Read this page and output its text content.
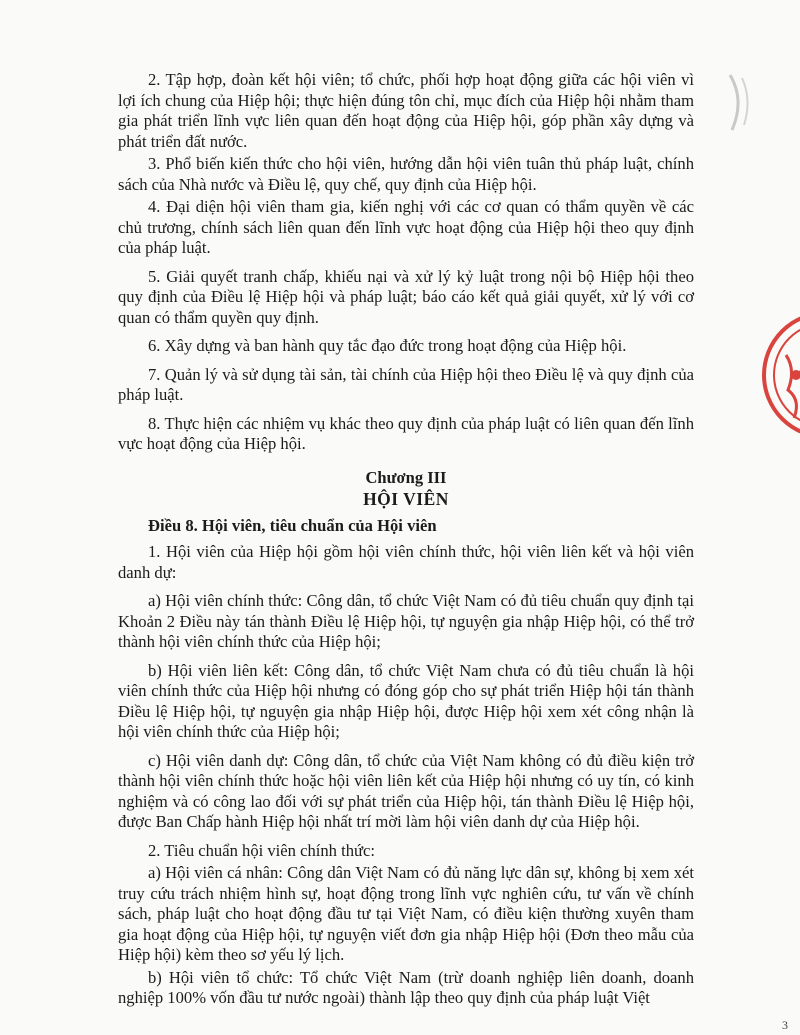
2. Tập hợp, đoàn kết hội viên; tổ chức, phối hợp hoạt động giữa các hội viên vì lợi ích chung của Hiệp hội; thực hiện đúng tôn chỉ, mục đích của Hiệp hội nhằm tham gia phát triển lĩnh vực liên quan đến hoạt động của Hiệp hội, góp phần xây dựng và phát triển đất nước.

3. Phổ biến kiến thức cho hội viên, hướng dẫn hội viên tuân thủ pháp luật, chính sách của Nhà nước và Điều lệ, quy chế, quy định của Hiệp hội.

4. Đại diện hội viên tham gia, kiến nghị với các cơ quan có thẩm quyền về các chủ trương, chính sách liên quan đến lĩnh vực hoạt động của Hiệp hội theo quy định của pháp luật.

5. Giải quyết tranh chấp, khiếu nại và xử lý kỷ luật trong nội bộ Hiệp hội theo quy định của Điều lệ Hiệp hội và pháp luật; báo cáo kết quả giải quyết, xử lý với cơ quan có thẩm quyền quy định.

6. Xây dựng và ban hành quy tắc đạo đức trong hoạt động của Hiệp hội.

7. Quản lý và sử dụng tài sản, tài chính của Hiệp hội theo Điều lệ và quy định của pháp luật.

8. Thực hiện các nhiệm vụ khác theo quy định của pháp luật có liên quan đến lĩnh vực hoạt động của Hiệp hội.

Chương III
HỘI VIÊN
Điều 8. Hội viên, tiêu chuẩn của Hội viên

1. Hội viên của Hiệp hội gồm hội viên chính thức, hội viên liên kết và hội viên danh dự:

a) Hội viên chính thức: Công dân, tổ chức Việt Nam có đủ tiêu chuẩn quy định tại Khoản 2 Điều này tán thành Điều lệ Hiệp hội, tự nguyện gia nhập Hiệp hội, có thể trở thành hội viên chính thức của Hiệp hội;

b) Hội viên liên kết: Công dân, tổ chức Việt Nam chưa có đủ tiêu chuẩn là hội viên chính thức của Hiệp hội nhưng có đóng góp cho sự phát triển Hiệp hội tán thành Điều lệ Hiệp hội, tự nguyện gia nhập Hiệp hội, được Hiệp hội xem xét công nhận là hội viên chính thức của Hiệp hội;

c) Hội viên danh dự: Công dân, tổ chức của Việt Nam không có đủ điều kiện trở thành hội viên chính thức hoặc hội viên liên kết của Hiệp hội nhưng có uy tín, có kinh nghiệm và có công lao đối với sự phát triển của Hiệp hội, tán thành Điều lệ Hiệp hội, được Ban Chấp hành Hiệp hội nhất trí mời làm hội viên danh dự của Hiệp hội.

2. Tiêu chuẩn hội viên chính thức:

a) Hội viên cá nhân: Công dân Việt Nam có đủ năng lực dân sự, không bị xem xét truy cứu trách nhiệm hình sự, hoạt động trong lĩnh vực nghiên cứu, tư vấn về chính sách, pháp luật cho hoạt động đầu tư tại Việt Nam, có điều kiện thường xuyên tham gia hoạt động của Hiệp hội, tự nguyện viết đơn gia nhập Hiệp hội (Đơn theo mẫu của Hiệp hội) kèm theo sơ yếu lý lịch.

b) Hội viên tổ chức: Tổ chức Việt Nam (trừ doanh nghiệp liên doanh, doanh nghiệp 100% vốn đầu tư nước ngoài) thành lập theo quy định của pháp luật Việt

3
